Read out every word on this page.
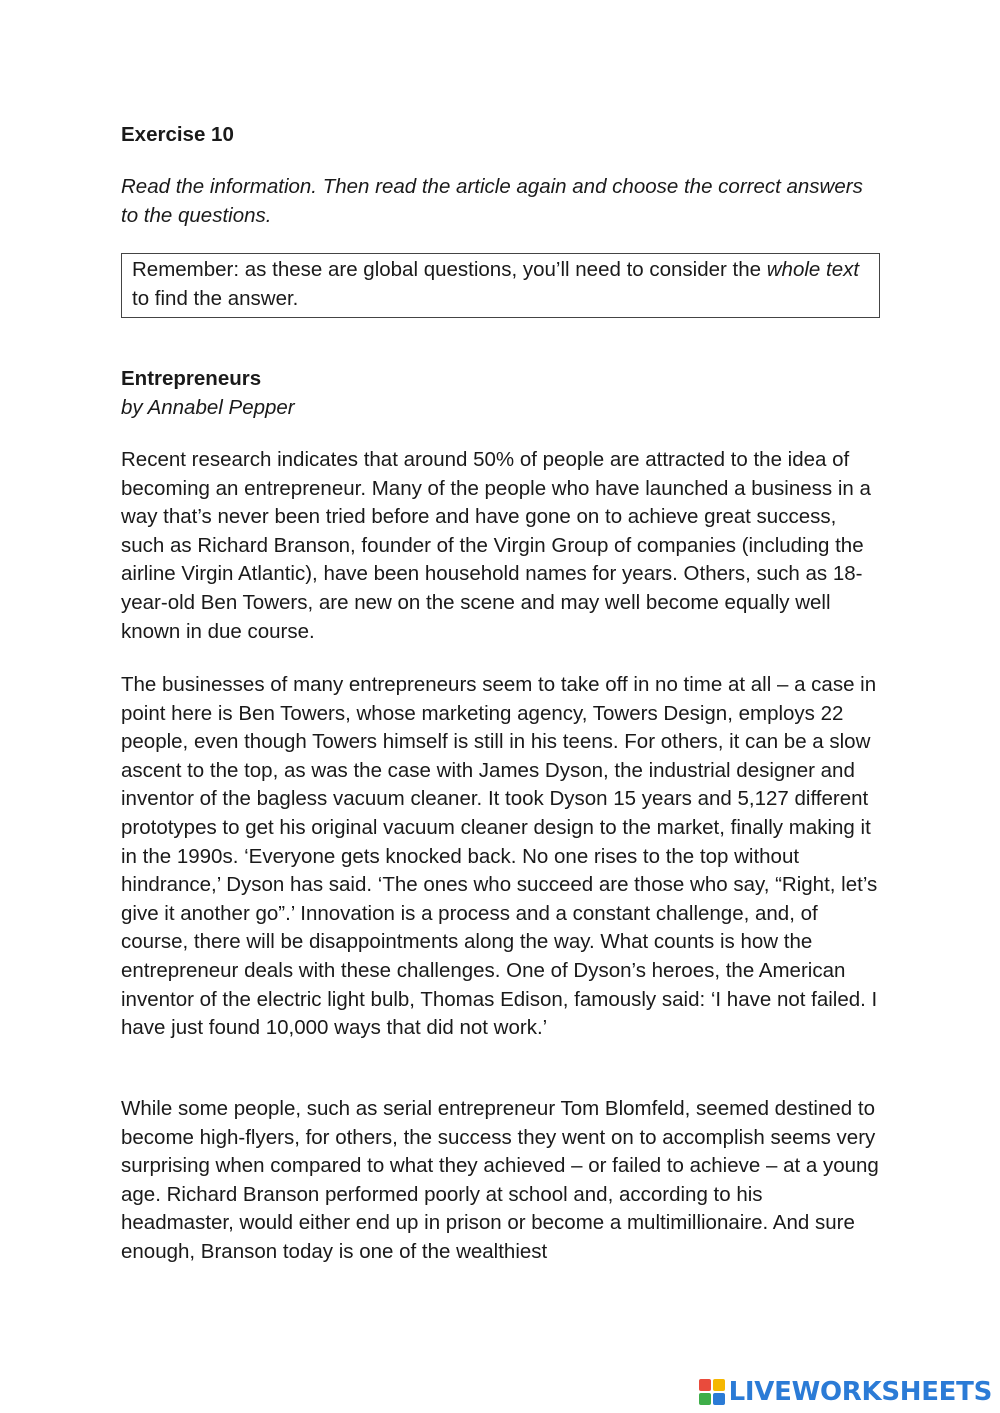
Exercise 10
Read the information. Then read the article again and choose the correct answers to the questions.
Remember: as these are global questions, you’ll need to consider the whole text to find the answer.
Entrepreneurs
by Annabel Pepper

Recent research indicates that around 50% of people are attracted to the idea of becoming an entrepreneur. Many of the people who have launched a business in a way that’s never been tried before and have gone on to achieve great success, such as Richard Branson, founder of the Virgin Group of companies (including the airline Virgin Atlantic), have been household names for years. Others, such as 18-year-old Ben Towers, are new on the scene and may well become equally well known in due course.

The businesses of many entrepreneurs seem to take off in no time at all – a case in point here is Ben Towers, whose marketing agency, Towers Design, employs 22 people, even though Towers himself is still in his teens. For others, it can be a slow ascent to the top, as was the case with James Dyson, the industrial designer and inventor of the bagless vacuum cleaner. It took Dyson 15 years and 5,127 different prototypes to get his original vacuum cleaner design to the market, finally making it in the 1990s. ‘Everyone gets knocked back. No one rises to the top without hindrance,’ Dyson has said. ‘The ones who succeed are those who say, “Right, let’s give it another go”.’ Innovation is a process and a constant challenge, and, of course, there will be disappointments along the way. What counts is how the entrepreneur deals with these challenges. One of Dyson’s heroes, the American inventor of the electric light bulb, Thomas Edison, famously said: ‘I have not failed. I have just found 10,000 ways that did not work.’

While some people, such as serial entrepreneur Tom Blomfeld, seemed destined to become high-flyers, for others, the success they went on to accomplish seems very surprising when compared to what they achieved – or failed to achieve – at a young age. Richard Branson performed poorly at school and, according to his headmaster, would either end up in prison or become a multimillionaire. And sure enough, Branson today is one of the wealthiest

LIVEWORKSHEETS
